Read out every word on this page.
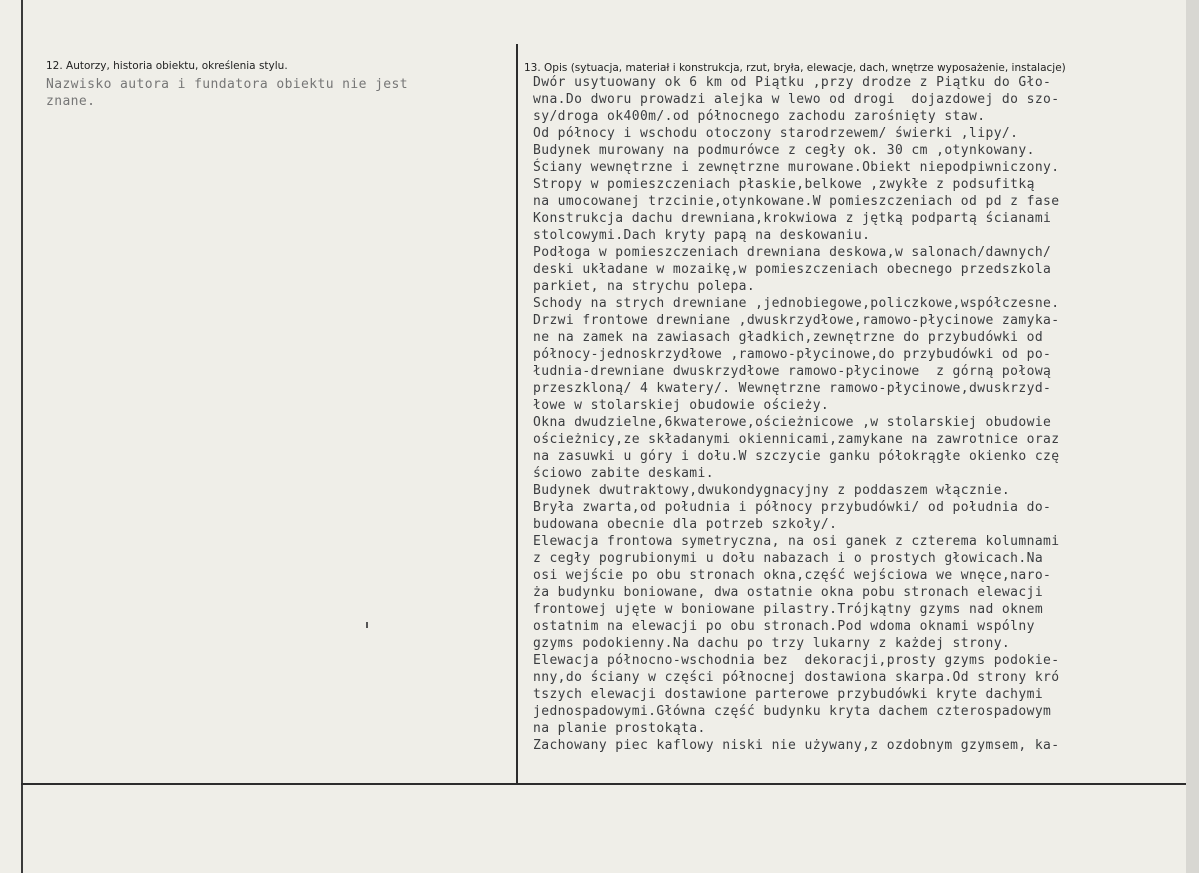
12. Autorzy, historia obiektu, określenia stylu.
Nazwisko autora i fundatora obiektu nie jest
znane.
13. Opis (sytuacja, materiał i konstrukcja, rzut, bryła, elewacje, dach, wnętrze wyposażenie, instalacje)
Dwór usytuowany ok 6 km od Piątku ,przy drodze z Piątku do Gło-
wna.Do dworu prowadzi alejka w lewo od drogi  dojazdowej do szo-
sy/droga ok400m/.od północnego zachodu zarośnięty staw.
Od północy i wschodu otoczony starodrzewem/ świerki ,lipy/.
Budynek murowany na podmurówce z cegły ok. 30 cm ,otynkowany.
Ściany wewnętrzne i zewnętrzne murowane.Obiekt niepodpiwniczony.
Stropy w pomieszczeniach płaskie,belkowe ,zwykłe z podsufitką
na umocowanej trzcinie,otynkowane.W pomieszczeniach od pd z fase
Konstrukcja dachu drewniana,krokwiowa z jętką podpartą ścianami
stolcowymi.Dach kryty papą na deskowaniu.
Podłoga w pomieszczeniach drewniana deskowa,w salonach/dawnych/
deski układane w mozaikę,w pomieszczeniach obecnego przedszkola
parkiet, na strychu polepa.
Schody na strych drewniane ,jednobiegowe,policzkowe,współczesne.
Drzwi frontowe drewniane ,dwuskrzydłowe,ramowo-płycinowe zamyka-
ne na zamek na zawiasach gładkich,zewnętrzne do przybudówki od
północy-jednoskrzydłowe ,ramowo-płycinowe,do przybudówki od po-
łudnia-drewniane dwuskrzydłowe ramowo-płycinowe  z górną połową
przeszkloną/ 4 kwatery/. Wewnętrzne ramowo-płycinowe,dwuskrzyd-
łowe w stolarskiej obudowie ościeży.
Okna dwudzielne,6kwaterowe,ościeżnicowe ,w stolarskiej obudowie
ościeżnicy,ze składanymi okiennicami,zamykane na zawrotnice oraz
na zasuwki u góry i dołu.W szczycie ganku półokrągłe okienko czę
ściowo zabite deskami.
Budynek dwutraktowy,dwukondygnacyjny z poddaszem włącznie.
Bryła zwarta,od południa i północy przybudówki/ od południa do-
budowana obecnie dla potrzeb szkoły/.
Elewacja frontowa symetryczna, na osi ganek z czterema kolumnami
z cegły pogrubionymi u dołu nabazach i o prostych głowicach.Na
osi wejście po obu stronach okna,część wejściowa we wnęce,naro-
ża budynku boniowane, dwa ostatnie okna pobu stronach elewacji
frontowej ujęte w boniowane pilastry.Trójkątny gzyms nad oknem
ostatnim na elewacji po obu stronach.Pod wdoma oknami wspólny
gzyms podokienny.Na dachu po trzy lukarny z każdej strony.
Elewacja północno-wschodnia bez  dekoracji,prosty gzyms podokie-
nny,do ściany w części północnej dostawiona skarpa.Od strony kró
tszych elewacji dostawione parterowe przybudówki kryte dachymi
jednospadowymi.Główna część budynku kryta dachem czterospadowym
na planie prostokąta.
Zachowany piec kaflowy niski nie używany,z ozdobnym gzymsem, ka-
